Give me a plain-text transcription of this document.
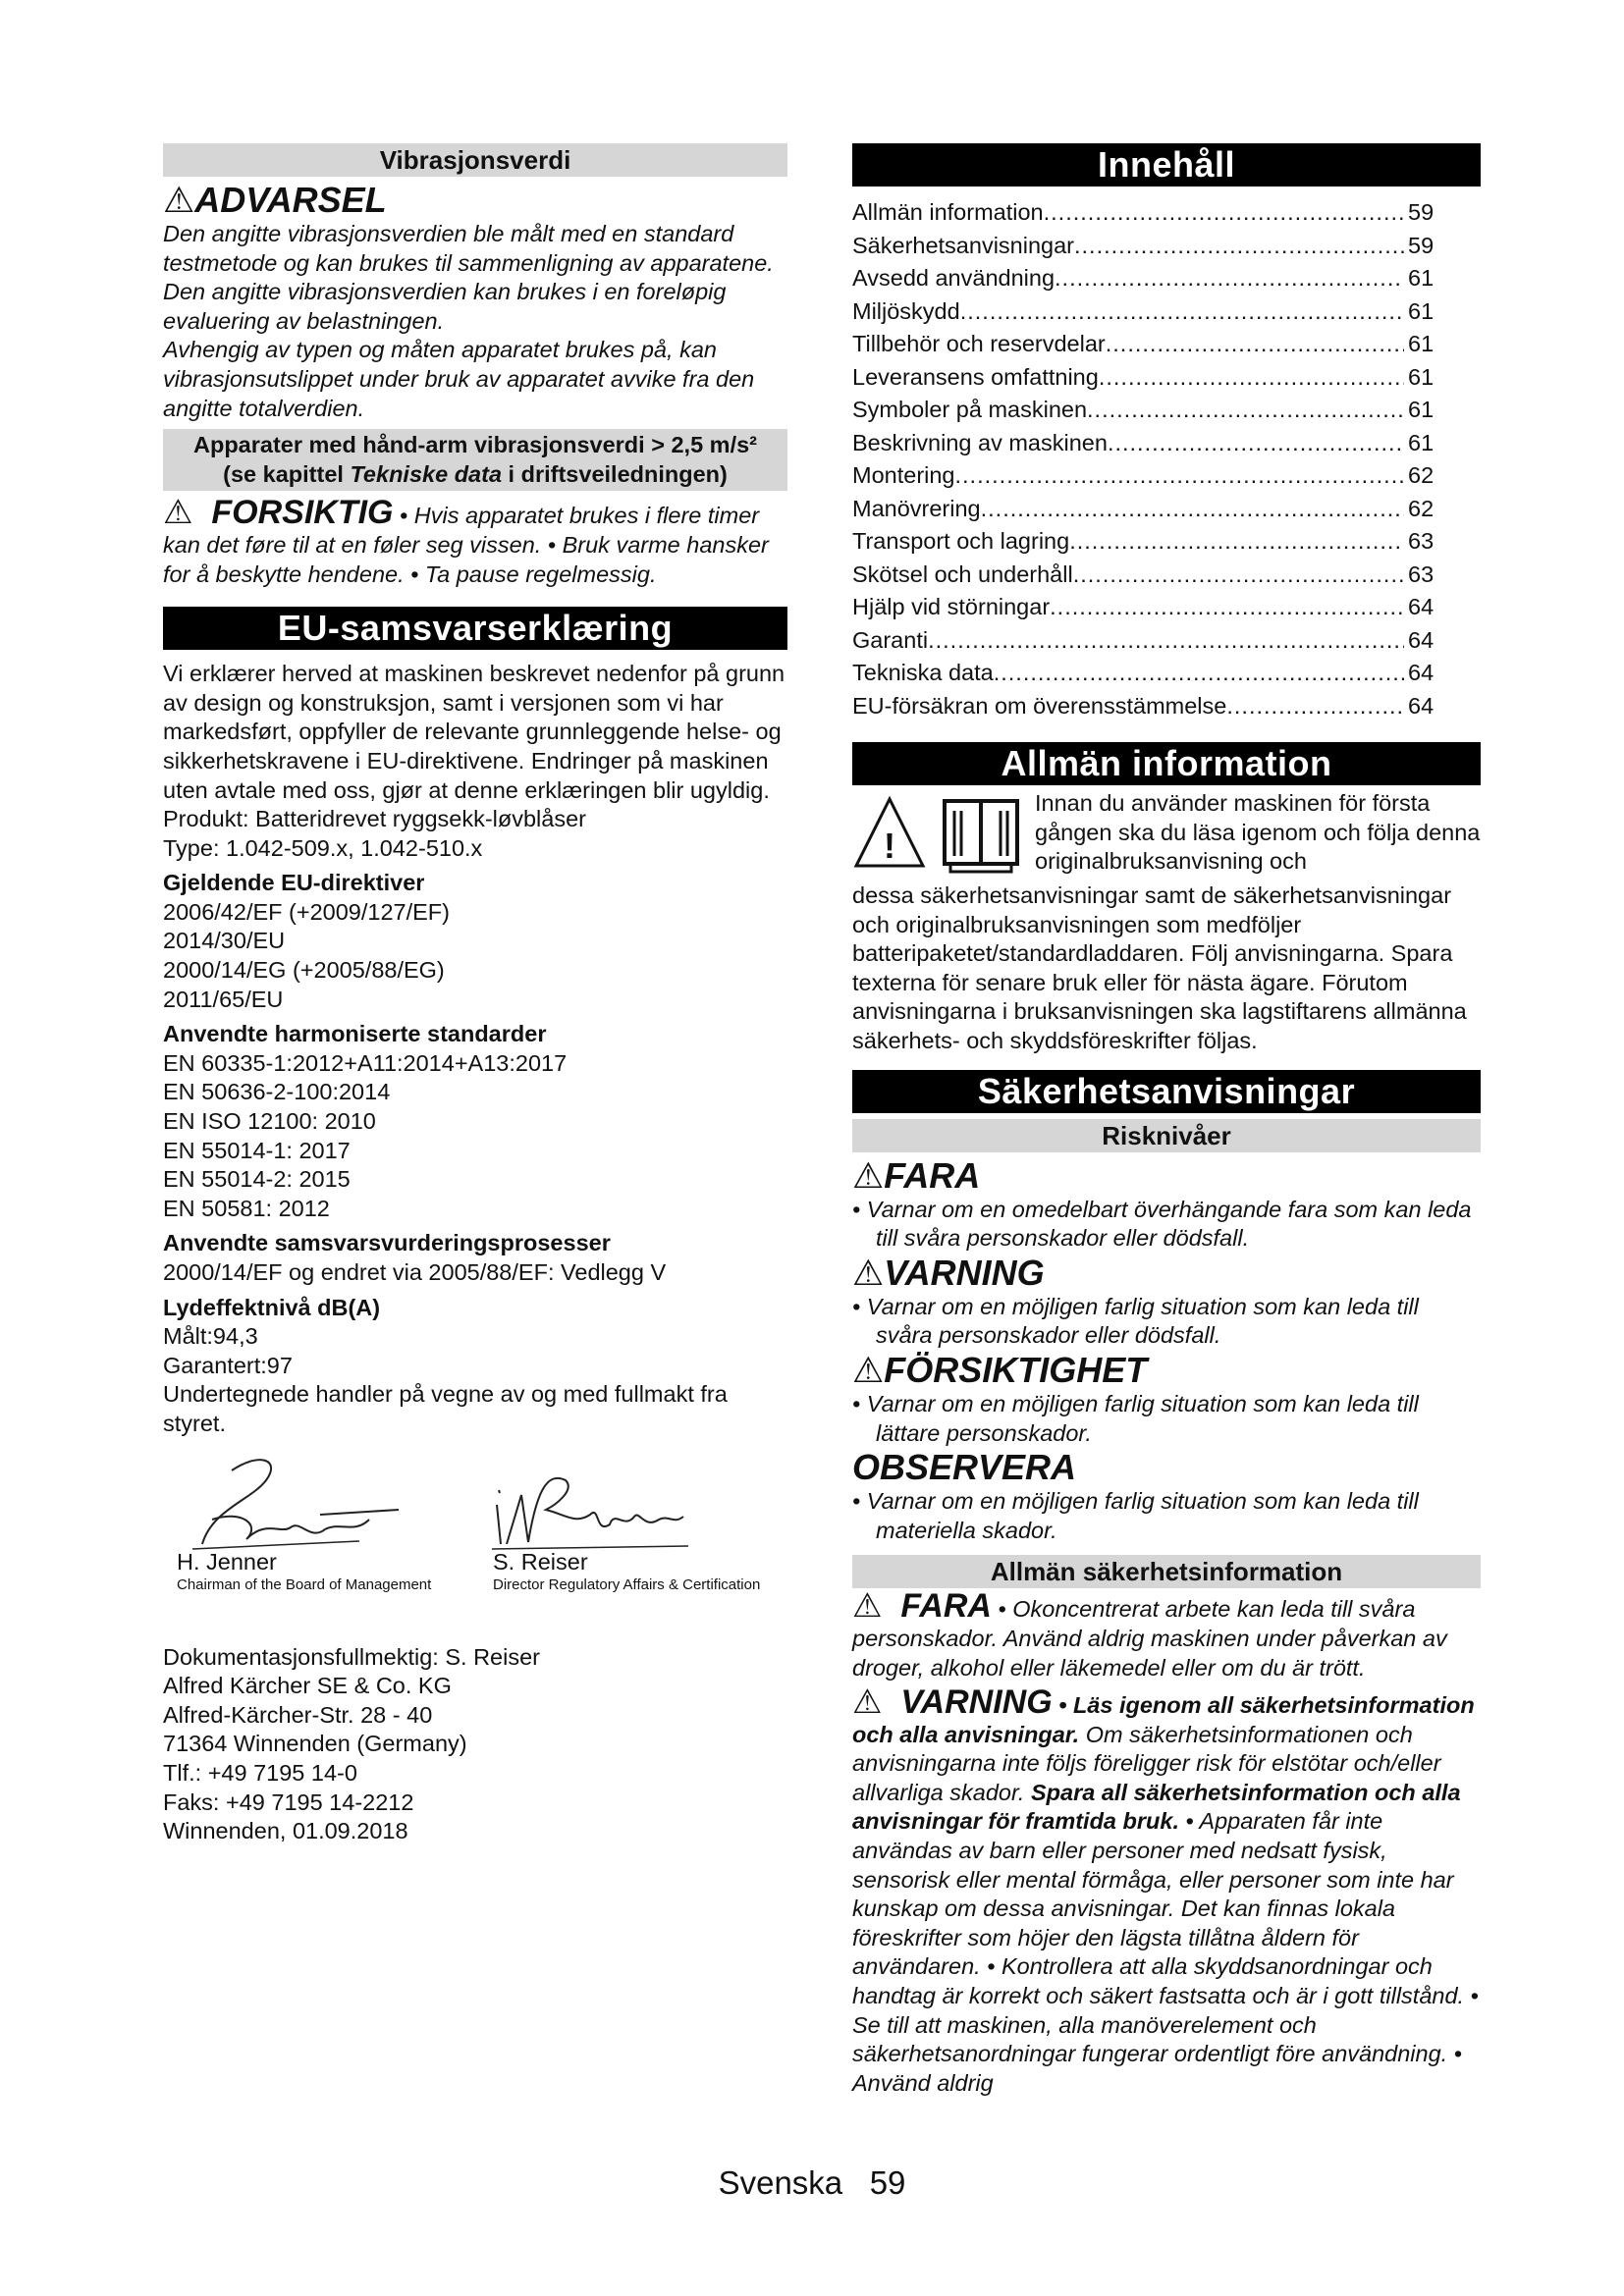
Vibrasjonsverdi
⚠ADVARSEL
Den angitte vibrasjonsverdien ble målt med en standard testmetode og kan brukes til sammenligning av apparatene.
Den angitte vibrasjonsverdien kan brukes i en foreløpig evaluering av belastningen.
Avhengig av typen og måten apparatet brukes på, kan vibrasjonsutslippet under bruk av apparatet avvike fra den angitte totalverdien.
Apparater med hånd-arm vibrasjonsverdi > 2,5 m/s²
(se kapittel Tekniske data i driftsveiledningen)
⚠ FORSIKTIG • Hvis apparatet brukes i flere timer kan det føre til at en føler seg vissen. • Bruk varme hansker for å beskytte hendene. • Ta pause regelmessig.
EU-samsvarserklæring
Vi erklærer herved at maskinen beskrevet nedenfor på grunn av design og konstruksjon, samt i versjonen som vi har markedsført, oppfyller de relevante grunnleggende helse- og sikkerhetskravene i EU-direktivene. Endringer på maskinen uten avtale med oss, gjør at denne erklæringen blir ugyldig.
Produkt: Batteridrevet ryggsekk-løvblåser
Type: 1.042-509.x, 1.042-510.x
Gjeldende EU-direktiver
2006/42/EF (+2009/127/EF)
2014/30/EU
2000/14/EG (+2005/88/EG)
2011/65/EU
Anvendte harmoniserte standarder
EN 60335-1:2012+A11:2014+A13:2017
EN 50636-2-100:2014
EN ISO 12100: 2010
EN 55014-1: 2017
EN 55014-2: 2015
EN 50581: 2012
Anvendte samsvarsvurderingsprosesser
2000/14/EF og endret via 2005/88/EF: Vedlegg V
Lydeffektnivå dB(A)
Målt:94,3
Garantert:97
Undertegnede handler på vegne av og med fullmakt fra styret.
H. Jenner
Chairman of the Board of Management
S. Reiser
Director Regulatory Affairs & Certification
Dokumentasjonsfullmektig: S. Reiser
Alfred Kärcher SE & Co. KG
Alfred-Kärcher-Str. 28 - 40
71364 Winnenden (Germany)
Tlf.: +49 7195 14-0
Faks: +49 7195 14-2212
Winnenden, 01.09.2018
Innehåll
Allmän information .....	59
Säkerhetsanvisningar .....	59
Avsedd användning .....	61
Miljöskydd .....	61
Tillbehör och reservdelar .....	61
Leveransens omfattning .....	61
Symboler på maskinen .....	61
Beskrivning av maskinen .....	61
Montering .....	62
Manövrering .....	62
Transport och lagring .....	63
Skötsel och underhåll .....	63
Hjälp vid störningar .....	64
Garanti .....	64
Tekniska data .....	64
EU-försäkran om överensstämmelse .....	64
Allmän information
!
Innan du använder maskinen för första gången ska du läsa igenom och följa denna originalbruksanvisning och
dessa säkerhetsanvisningar samt de säkerhetsanvisningar och originalbruksanvisningen som medföljer batteripaketet/standardladdaren. Följ anvisningarna. Spara texterna för senare bruk eller för nästa ägare. Förutom anvisningarna i bruksanvisningen ska lagstiftarens allmänna säkerhets- och skyddsföreskrifter följas.
Säkerhetsanvisningar
Risknivåer
⚠FARA
• Varnar om en omedelbart överhängande fara som kan leda till svåra personskador eller dödsfall.
⚠VARNING
• Varnar om en möjligen farlig situation som kan leda till svåra personskador eller dödsfall.
⚠FÖRSIKTIGHET
• Varnar om en möjligen farlig situation som kan leda till lättare personskador.
OBSERVERA
• Varnar om en möjligen farlig situation som kan leda till materiella skador.
Allmän säkerhetsinformation
⚠ FARA • Okoncentrerat arbete kan leda till svåra personskador. Använd aldrig maskinen under påverkan av droger, alkohol eller läkemedel eller om du är trött.
⚠ VARNING • Läs igenom all säkerhetsinformation och alla anvisningar. Om säkerhetsinformationen och anvisningarna inte följs föreligger risk för elstötar och/eller allvarliga skador. Spara all säkerhetsinformation och alla anvisningar för framtida bruk. • Apparaten får inte användas av barn eller personer med nedsatt fysisk, sensorisk eller mental förmåga, eller personer som inte har kunskap om dessa anvisningar. Det kan finnas lokala föreskrifter som höjer den lägsta tillåtna åldern för användaren. • Kontrollera att alla skyddsanordningar och handtag är korrekt och säkert fastsatta och är i gott tillstånd. • Se till att maskinen, alla manöverelement och säkerhetsanordningar fungerar ordentligt före användning. • Använd aldrig
Svenska 59
